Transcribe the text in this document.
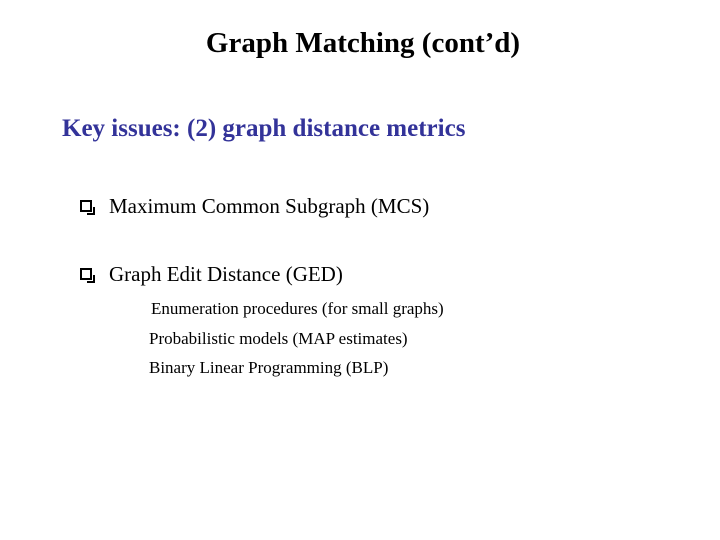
Graph Matching (cont’d)
Key issues: (2) graph distance metrics
Maximum Common Subgraph (MCS)
Graph Edit Distance (GED)
Enumeration procedures (for small graphs)
Probabilistic models (MAP estimates)
Binary Linear Programming (BLP)
